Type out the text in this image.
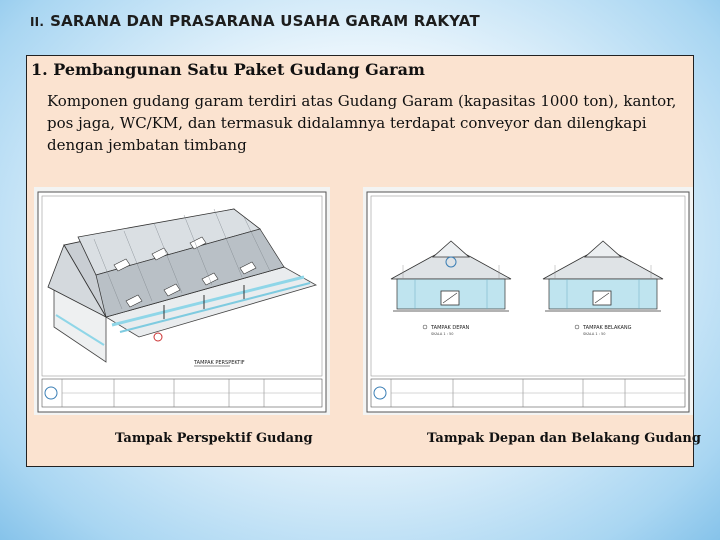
II. SARANA DAN PRASARANA USAHA GARAM RAKYAT
1. Pembangunan Satu Paket Gudang Garam

Komponen gudang garam terdiri atas Gudang Garam (kapasitas 1000 ton), kantor, pos jaga, WC/KM, dan termasuk didalamnya terdapat conveyor dan dilengkapi dengan jembatan timbang

TAMPAK PERSPEKTIF
TAMPAK DEPAN
SKALA 1 : 50
TAMPAK BELAKANG
SKALA 1 : 50

Tampak Perspektif Gudang	Tampak Depan dan Belakang Gudang
